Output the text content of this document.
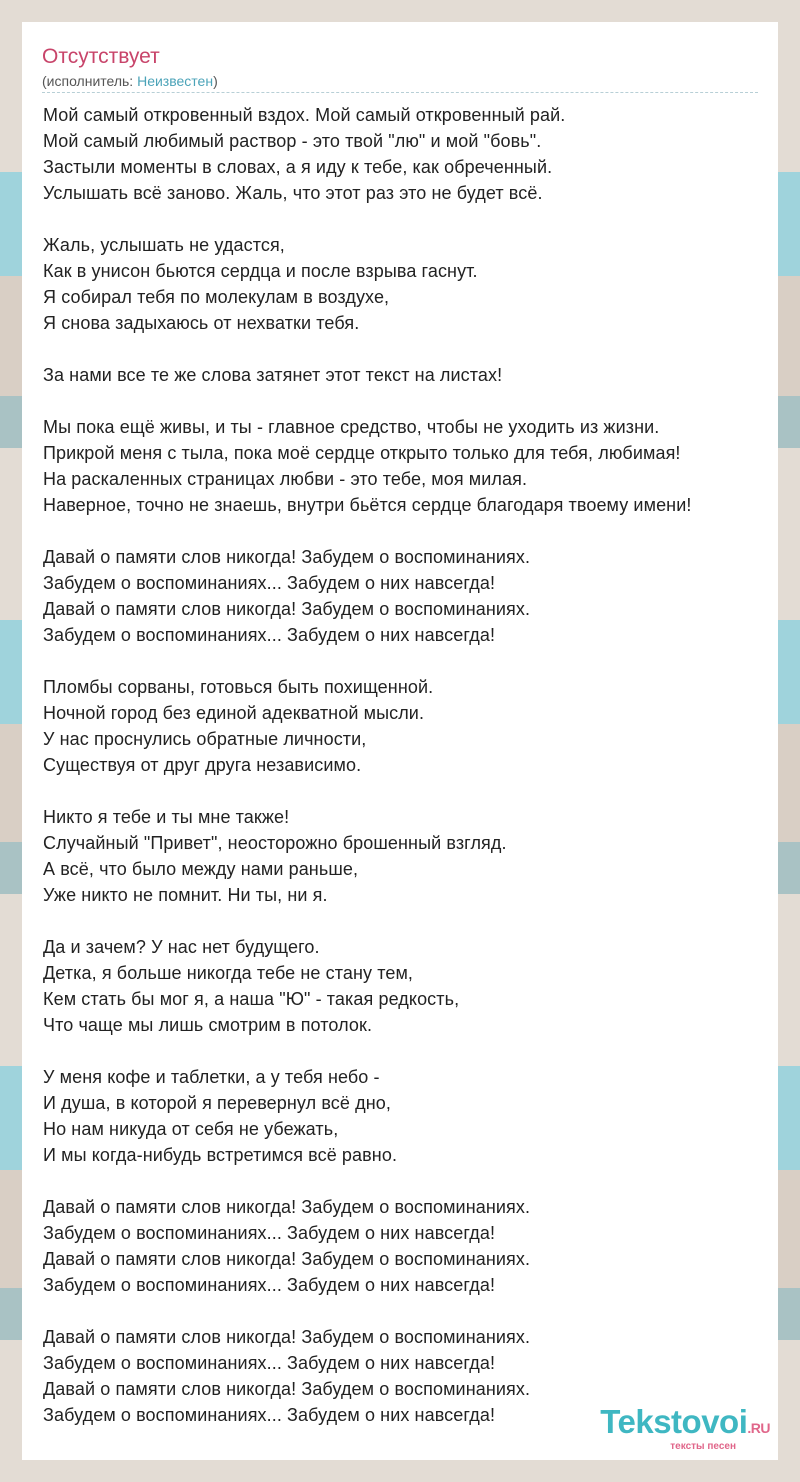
Отсутствует
(исполнитель: Неизвестен)
Мой самый откровенный вздох. Мой самый откровенный рай.
Мой самый любимый раствор - это твой "лю" и мой "бовь".
Застыли моменты в словах, а я иду к тебе, как обреченный.
Услышать всё заново. Жаль, что этот раз это не будет всё.
Жаль, услышать не удастся,
Как в унисон бьются сердца и после взрыва гаснут.
Я собирал тебя по молекулам в воздухе,
Я снова задыхаюсь от нехватки тебя.
За нами все те же слова затянет этот текст на листах!
Мы пока ещё живы, и ты - главное средство, чтобы не уходить из жизни.
Прикрой меня с тыла, пока моё сердце открыто только для тебя, любимая!
На раскаленных страницах любви - это тебе, моя милая.
Наверное, точно не знаешь, внутри бьётся сердце благодаря твоему имени!
Давай о памяти слов никогда! Забудем о воспоминаниях.
Забудем о воспоминаниях... Забудем о них навсегда!
Давай о памяти слов никогда! Забудем о воспоминаниях.
Забудем о воспоминаниях... Забудем о них навсегда!
Пломбы сорваны, готовься быть похищенной.
Ночной город без единой адекватной мысли.
У нас проснулись обратные личности,
Существуя от друг друга независимо.
Никто я тебе и ты мне также!
Случайный "Привет", неосторожно брошенный взгляд.
А всё, что было между нами раньше,
Уже никто не помнит. Ни ты, ни я.
Да и зачем? У нас нет будущего.
Детка, я больше никогда тебе не стану тем,
Кем стать бы мог я, а наша "Ю" - такая редкость,
Что чаще мы лишь смотрим в потолок.
У меня кофе и таблетки, а у тебя небо -
И душа, в которой я перевернул всё дно,
Но нам никуда от себя не убежать,
И мы когда-нибудь встретимся всё равно.
Давай о памяти слов никогда! Забудем о воспоминаниях.
Забудем о воспоминаниях... Забудем о них навсегда!
Давай о памяти слов никогда! Забудем о воспоминаниях.
Забудем о воспоминаниях... Забудем о них навсегда!
Давай о памяти слов никогда! Забудем о воспоминаниях.
Забудем о воспоминаниях... Забудем о них навсегда!
Давай о памяти слов никогда! Забудем о воспоминаниях.
Забудем о воспоминаниях... Забудем о них навсегда!	Tekstovoi.RU
тексты песен
